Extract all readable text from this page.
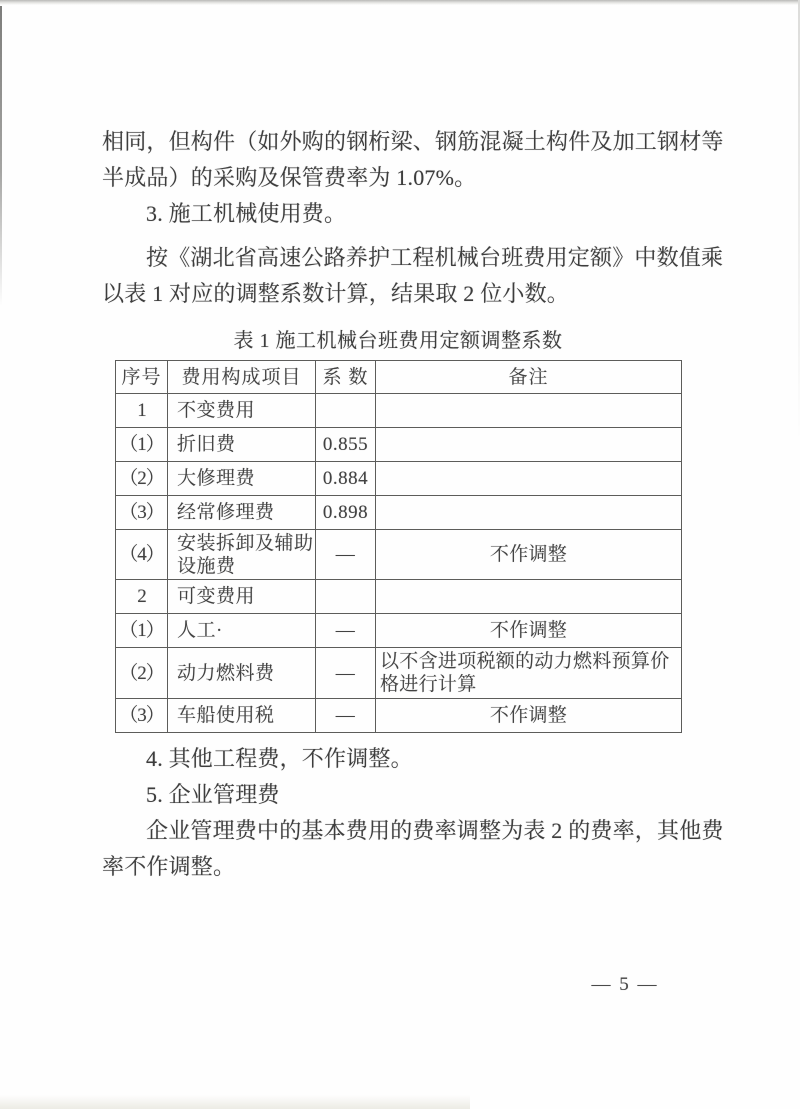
相同，但构件（如外购的钢桁梁、钢筋混凝土构件及加工钢材等
半成品）的采购及保管费率为 1.07%。
3. 施工机械使用费。
按《湖北省高速公路养护工程机械台班费用定额》中数值乘
以表 1 对应的调整系数计算，结果取 2 位小数。
表 1 施工机械台班费用定额调整系数
序号	费用构成项目	系 数	备注
1	不变费用		
（1）	折旧费	0.855	
（2）	大修理费	0.884	
（3）	经常修理费	0.898	
（4）	安装拆卸及辅助设施费	—	不作调整
2	可变费用		
（1）	人工·	—	不作调整
（2）	动力燃料费	—	以不含进项税额的动力燃料预算价格进行计算
（3）	车船使用税	—	不作调整
4. 其他工程费，不作调整。
5. 企业管理费
企业管理费中的基本费用的费率调整为表 2 的费率，其他费
率不作调整。
— 5 —
